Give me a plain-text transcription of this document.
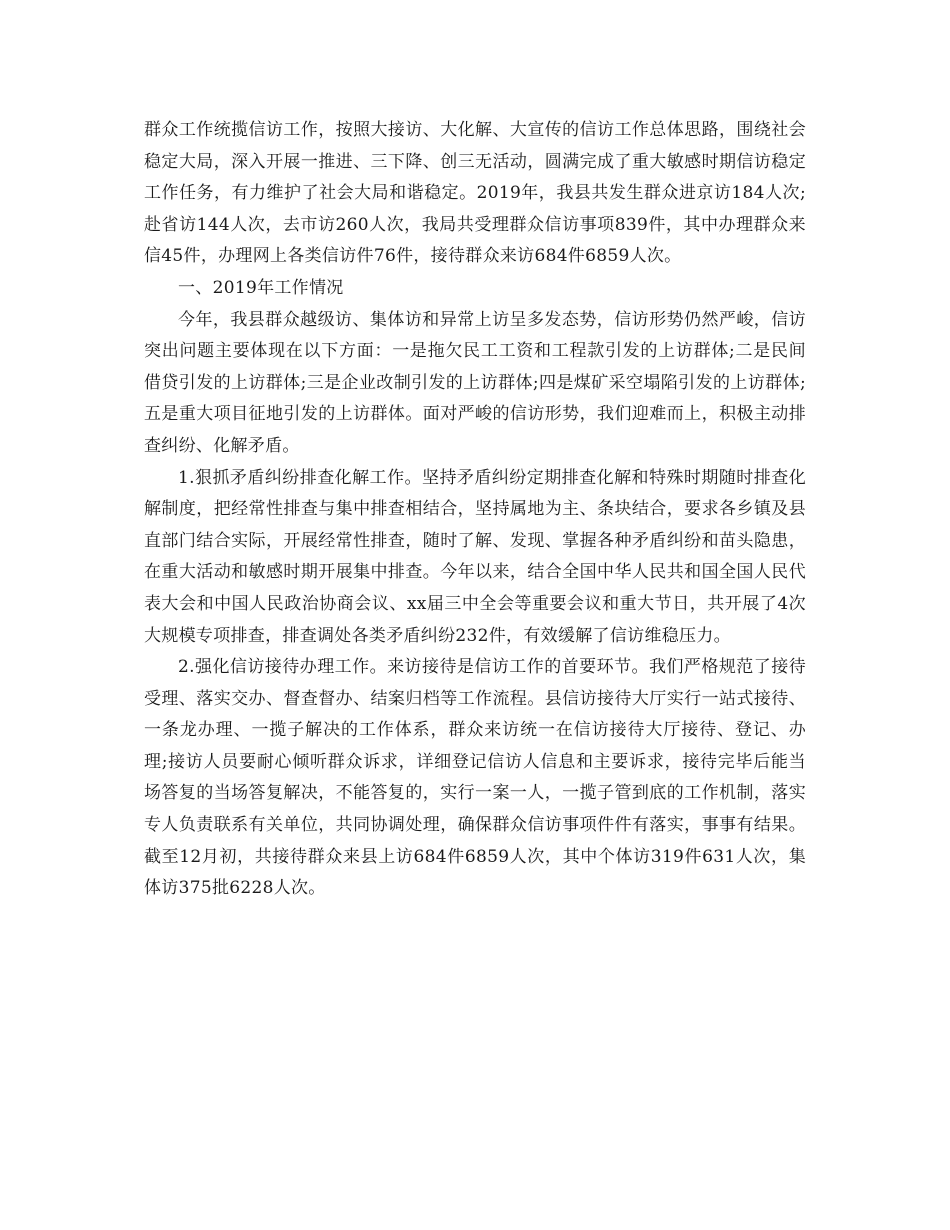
群众工作统揽信访工作，按照大接访、大化解、大宣传的信访工作总体思路，围绕社会稳定大局，深入开展一推进、三下降、创三无活动，圆满完成了重大敏感时期信访稳定工作任务，有力维护了社会大局和谐稳定。2019年，我县共发生群众进京访184人次;赴省访144人次，去市访260人次，我局共受理群众信访事项839件，其中办理群众来信45件，办理网上各类信访件76件，接待群众来访684件6859人次。

一、2019年工作情况

今年，我县群众越级访、集体访和异常上访呈多发态势，信访形势仍然严峻，信访突出问题主要体现在以下方面：一是拖欠民工工资和工程款引发的上访群体;二是民间借贷引发的上访群体;三是企业改制引发的上访群体;四是煤矿采空塌陷引发的上访群体;五是重大项目征地引发的上访群体。面对严峻的信访形势，我们迎难而上，积极主动排查纠纷、化解矛盾。

1.狠抓矛盾纠纷排查化解工作。坚持矛盾纠纷定期排查化解和特殊时期随时排查化解制度，把经常性排查与集中排查相结合，坚持属地为主、条块结合，要求各乡镇及县直部门结合实际，开展经常性排查，随时了解、发现、掌握各种矛盾纠纷和苗头隐患，在重大活动和敏感时期开展集中排查。今年以来，结合全国中华人民共和国全国人民代表大会和中国人民政治协商会议、xx届三中全会等重要会议和重大节日，共开展了4次大规模专项排查，排查调处各类矛盾纠纷232件，有效缓解了信访维稳压力。

2.强化信访接待办理工作。来访接待是信访工作的首要环节。我们严格规范了接待受理、落实交办、督查督办、结案归档等工作流程。县信访接待大厅实行一站式接待、一条龙办理、一揽子解决的工作体系，群众来访统一在信访接待大厅接待、登记、办理;接访人员要耐心倾听群众诉求，详细登记信访人信息和主要诉求，接待完毕后能当场答复的当场答复解决，不能答复的，实行一案一人，一揽子管到底的工作机制，落实专人负责联系有关单位，共同协调处理，确保群众信访事项件件有落实，事事有结果。截至12月初，共接待群众来县上访684件6859人次，其中个体访319件631人次，集体访375批6228人次。
